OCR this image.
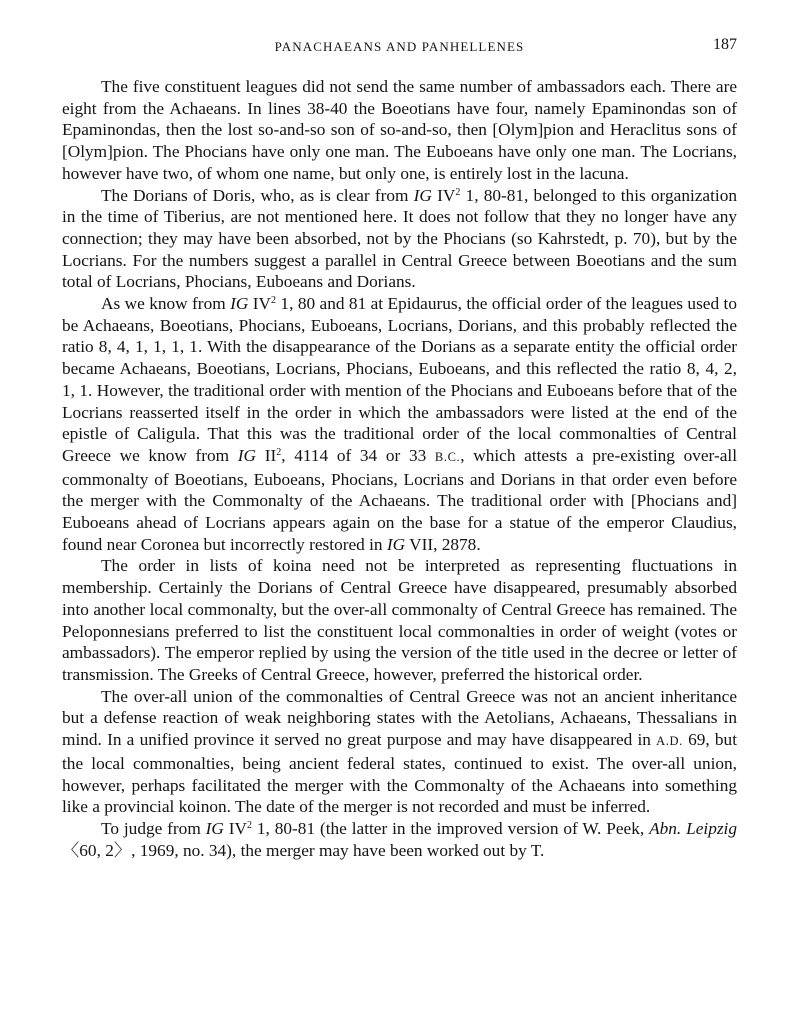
PANACHAEANS AND PANHELLENES	187

The five constituent leagues did not send the same number of ambassadors each. There are eight from the Achaeans. In lines 38-40 the Boeotians have four, namely Epaminondas son of Epaminondas, then the lost so-and-so son of so-and-so, then [Olym]pion and Heraclitus sons of [Olym]pion. The Phocians have only one man. The Euboeans have only one man. The Locrians, however have two, of whom one name, but only one, is entirely lost in the lacuna.

The Dorians of Doris, who, as is clear from IG $IV^2$ 1, 80-81, belonged to this organization in the time of Tiberius, are not mentioned here. It does not follow that they no longer have any connection; they may have been absorbed, not by the Phocians (so Kahrstedt, p. 70), but by the Locrians. For the numbers suggest a parallel in Central Greece between Boeotians and the sum total of Locrians, Phocians, Euboeans and Dorians.

As we know from IG $IV^2$ 1, 80 and 81 at Epidaurus, the official order of the leagues used to be Achaeans, Boeotians, Phocians, Euboeans, Locrians, Dorians, and this probably reflected the ratio 8, 4, 1, 1, 1, 1. With the disappearance of the Dorians as a separate entity the official order became Achaeans, Boeotians, Locrians, Phocians, Euboeans, and this reflected the ratio 8, 4, 2, 1, 1. However, the traditional order with mention of the Phocians and Euboeans before that of the Locrians reasserted itself in the order in which the ambassadors were listed at the end of the epistle of Caligula. That this was the traditional order of the local commonalties of Central Greece we know from IG $II^2$, 4114 of 34 or 33 B.C., which attests a pre-existing over-all commonalty of Boeotians, Euboeans, Phocians, Locrians and Dorians in that order even before the merger with the Commonalty of the Achaeans. The traditional order with [Phocians and] Euboeans ahead of Locrians appears again on the base for a statue of the emperor Claudius, found near Coronea but incorrectly restored in IG VII, 2878.

The order in lists of koina need not be interpreted as representing fluctuations in membership. Certainly the Dorians of Central Greece have disappeared, presumably absorbed into another local commonalty, but the over-all commonalty of Central Greece has remained. The Peloponnesians preferred to list the constituent local commonalties in order of weight (votes or ambassadors). The emperor replied by using the version of the title used in the decree or letter of transmission. The Greeks of Central Greece, however, preferred the historical order.

The over-all union of the commonalties of Central Greece was not an ancient inheritance but a defense reaction of weak neighboring states with the Aetolians, Achaeans, Thessalians in mind. In a unified province it served no great purpose and may have disappeared in A.D. 69, but the local commonalties, being ancient federal states, continued to exist. The over-all union, however, perhaps facilitated the merger with the Commonalty of the Achaeans into something like a provincial koinon. The date of the merger is not recorded and must be inferred.

To judge from IG $IV^2$ 1, 80-81 (the latter in the improved version of W. Peek, Abn. Leipzig 〈60, 2〉, 1969, no. 34), the merger may have been worked out by T.
